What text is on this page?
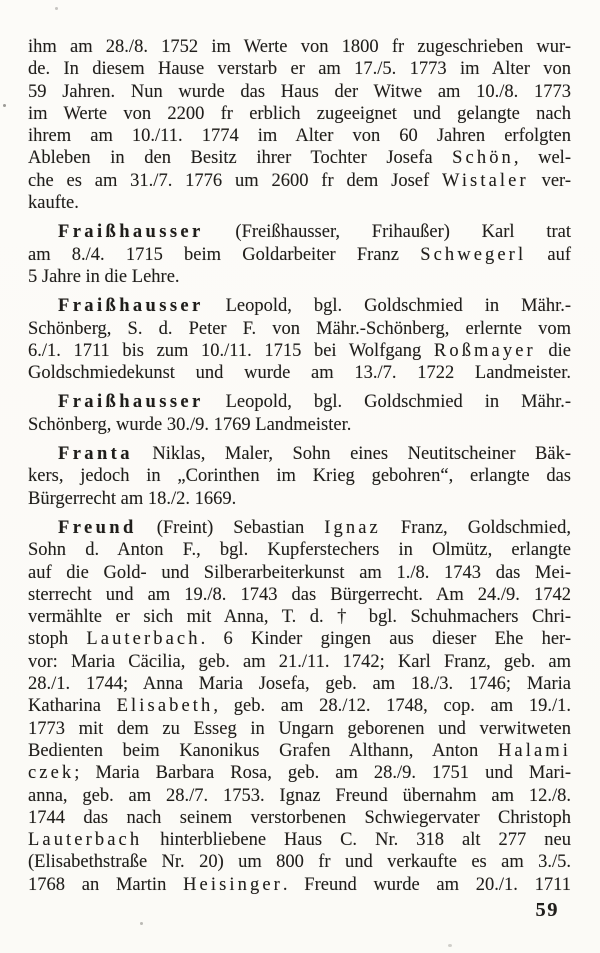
ihm am 28./8. 1752 im Werte von 1800 fr zugeschrieben wur-
de. In diesem Hause verstarb er am 17./5. 1773 im Alter von
59 Jahren. Nun wurde das Haus der Witwe am 10./8. 1773
im Werte von 2200 fr erblich zugeeignet und gelangte nach
ihrem am 10./11. 1774 im Alter von 60 Jahren erfolgten
Ableben in den Besitz ihrer Tochter Josefa Schön, wel-
che es am 31./7. 1776 um 2600 fr dem Josef Wistaler ver-
kaufte.
Fraißhausser (Freißhausser, Frihaußer) Karl trat
am 8./4. 1715 beim Goldarbeiter Franz Schwegerl auf
5 Jahre in die Lehre.
Fraißhausser Leopold, bgl. Goldschmied in Mähr.-
Schönberg, S. d. Peter F. von Mähr.-Schönberg, erlernte vom
6./1. 1711 bis zum 10./11. 1715 bei Wolfgang Roßmayer die
Goldschmiedekunst und wurde am 13./7. 1722 Landmeister.
Fraißhausser Leopold, bgl. Goldschmied in Mähr.-
Schönberg, wurde 30./9. 1769 Landmeister.
Franta Niklas, Maler, Sohn eines Neutitscheiner Bäk-
kers, jedoch in „Corinthen im Krieg gebohren“, erlangte das
Bürgerrecht am 18./2. 1669.
Freund (Freint) Sebastian Ignaz Franz, Goldschmied,
Sohn d. Anton F., bgl. Kupferstechers in Olmütz, erlangte
auf die Gold- und Silberarbeiterkunst am 1./8. 1743 das Mei-
sterrecht und am 19./8. 1743 das Bürgerrecht. Am 24./9. 1742
vermählte er sich mit Anna, T. d. † bgl. Schuhmachers Chri-
stoph Lauterbach. 6 Kinder gingen aus dieser Ehe her-
vor: Maria Cäcilia, geb. am 21./11. 1742; Karl Franz, geb. am
28./1. 1744; Anna Maria Josefa, geb. am 18./3. 1746; Maria
Katharina Elisabeth, geb. am 28./12. 1748, cop. am 19./1.
1773 mit dem zu Esseg in Ungarn geborenen und verwitweten
Bedienten beim Kanonikus Grafen Althann, Anton Halami
czek; Maria Barbara Rosa, geb. am 28./9. 1751 und Mari-
anna, geb. am 28./7. 1753. Ignaz Freund übernahm am 12./8.
1744 das nach seinem verstorbenen Schwiegervater Christoph
Lauterbach hinterbliebene Haus C. Nr. 318 alt 277 neu
(Elisabethstraße Nr. 20) um 800 fr und verkaufte es am 3./5.
1768 an Martin Heisinger. Freund wurde am 20./1. 1711
59
